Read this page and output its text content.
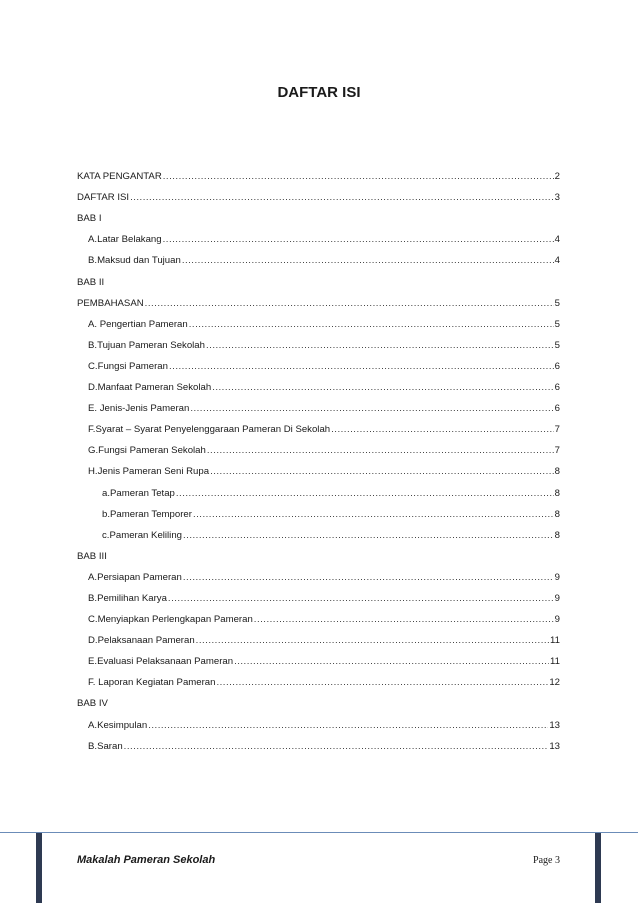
DAFTAR ISI
KATA PENGANTAR .....	2
DAFTAR ISI .....	3
BAB I
A.Latar Belakang .....	4
B.Maksud dan Tujuan .....	4
BAB II
PEMBAHASAN .....	5
A. Pengertian Pameran .....	5
B.Tujuan Pameran Sekolah .....	5
C.Fungsi Pameran .....	6
D.Manfaat Pameran Sekolah .....	6
E. Jenis-Jenis Pameran .....	6
F.Syarat – Syarat Penyelenggaraan Pameran Di Sekolah .....	7
G.Fungsi Pameran Sekolah .....	7
H.Jenis Pameran Seni Rupa .....	8
a.Pameran Tetap .....	8
b.Pameran Temporer .....	8
c.Pameran Keliling .....	8
BAB III
A.Persiapan Pameran .....	9
B.Pemilihan Karya .....	9
C.Menyiapkan Perlengkapan Pameran .....	9
D.Pelaksanaan Pameran .....	11
E.Evaluasi Pelaksanaan Pameran .....	11
F. Laporan Kegiatan Pameran .....	12
BAB IV
A.Kesimpulan .....	13
B.Saran .....	13
Makalah Pameran Sekolah	Page 3
